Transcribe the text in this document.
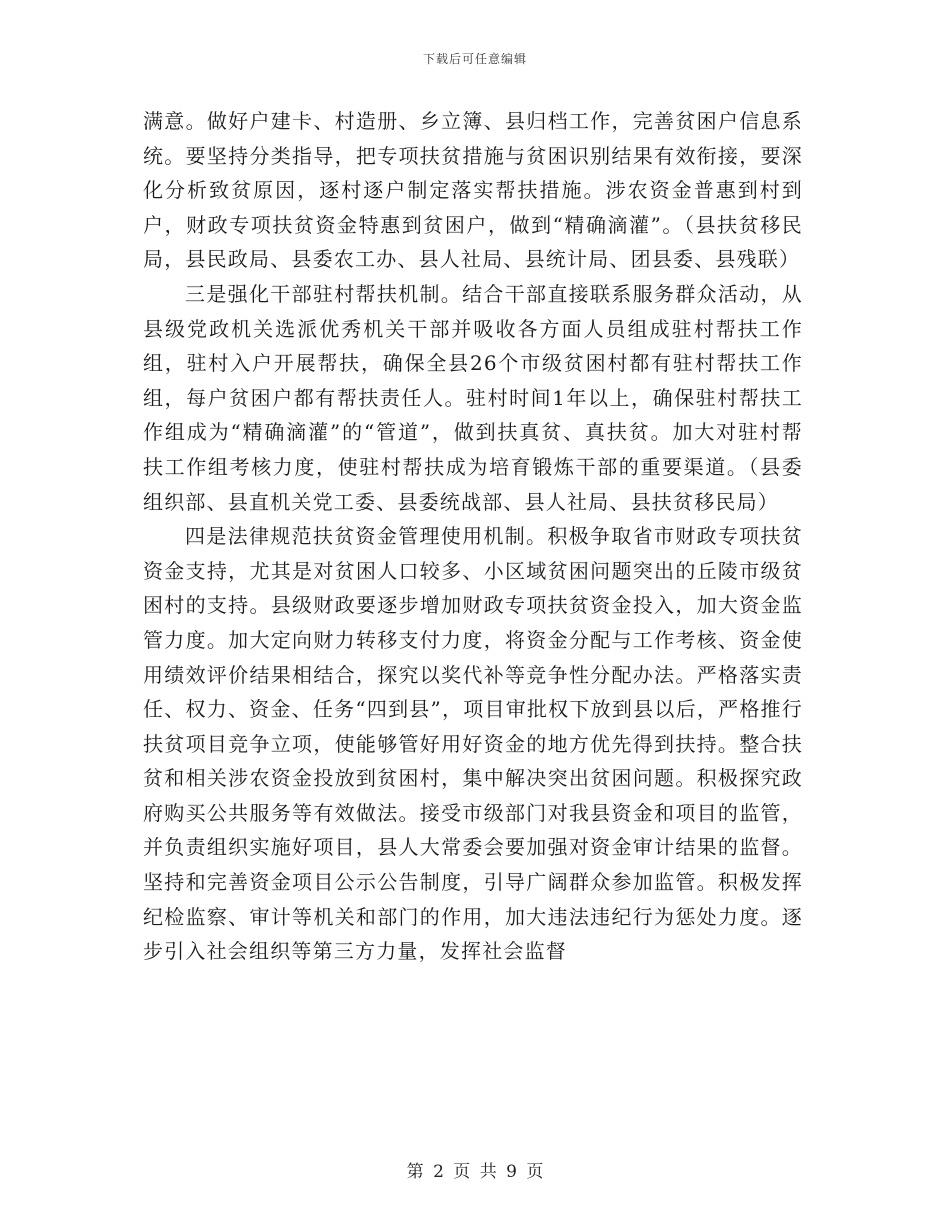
下载后可任意编辑

满意。做好户建卡、村造册、乡立簿、县归档工作，完善贫困户信息系统。要坚持分类指导，把专项扶贫措施与贫困识别结果有效衔接，要深化分析致贫原因，逐村逐户制定落实帮扶措施。涉农资金普惠到村到户，财政专项扶贫资金特惠到贫困户，做到“精确滴灌”。（县扶贫移民局，县民政局、县委农工办、县人社局、县统计局、团县委、县残联）

三是强化干部驻村帮扶机制。结合干部直接联系服务群众活动，从县级党政机关选派优秀机关干部并吸收各方面人员组成驻村帮扶工作组，驻村入户开展帮扶，确保全县26个市级贫困村都有驻村帮扶工作组，每户贫困户都有帮扶责任人。驻村时间1年以上，确保驻村帮扶工作组成为“精确滴灌”的“管道”，做到扶真贫、真扶贫。加大对驻村帮扶工作组考核力度，使驻村帮扶成为培育锻炼干部的重要渠道。（县委组织部、县直机关党工委、县委统战部、县人社局、县扶贫移民局）

四是法律规范扶贫资金管理使用机制。积极争取省市财政专项扶贫资金支持，尤其是对贫困人口较多、小区域贫困问题突出的丘陵市级贫困村的支持。县级财政要逐步增加财政专项扶贫资金投入，加大资金监管力度。加大定向财力转移支付力度，将资金分配与工作考核、资金使用绩效评价结果相结合，探究以奖代补等竞争性分配办法。严格落实责任、权力、资金、任务“四到县”，项目审批权下放到县以后，严格推行扶贫项目竞争立项，使能够管好用好资金的地方优先得到扶持。整合扶贫和相关涉农资金投放到贫困村，集中解决突出贫困问题。积极探究政府购买公共服务等有效做法。接受市级部门对我县资金和项目的监管，并负责组织实施好项目，县人大常委会要加强对资金审计结果的监督。坚持和完善资金项目公示公告制度，引导广阔群众参加监管。积极发挥纪检监察、审计等机关和部门的作用，加大违法违纪行为惩处力度。逐步引入社会组织等第三方力量，发挥社会监督

第 2 页 共 9 页
